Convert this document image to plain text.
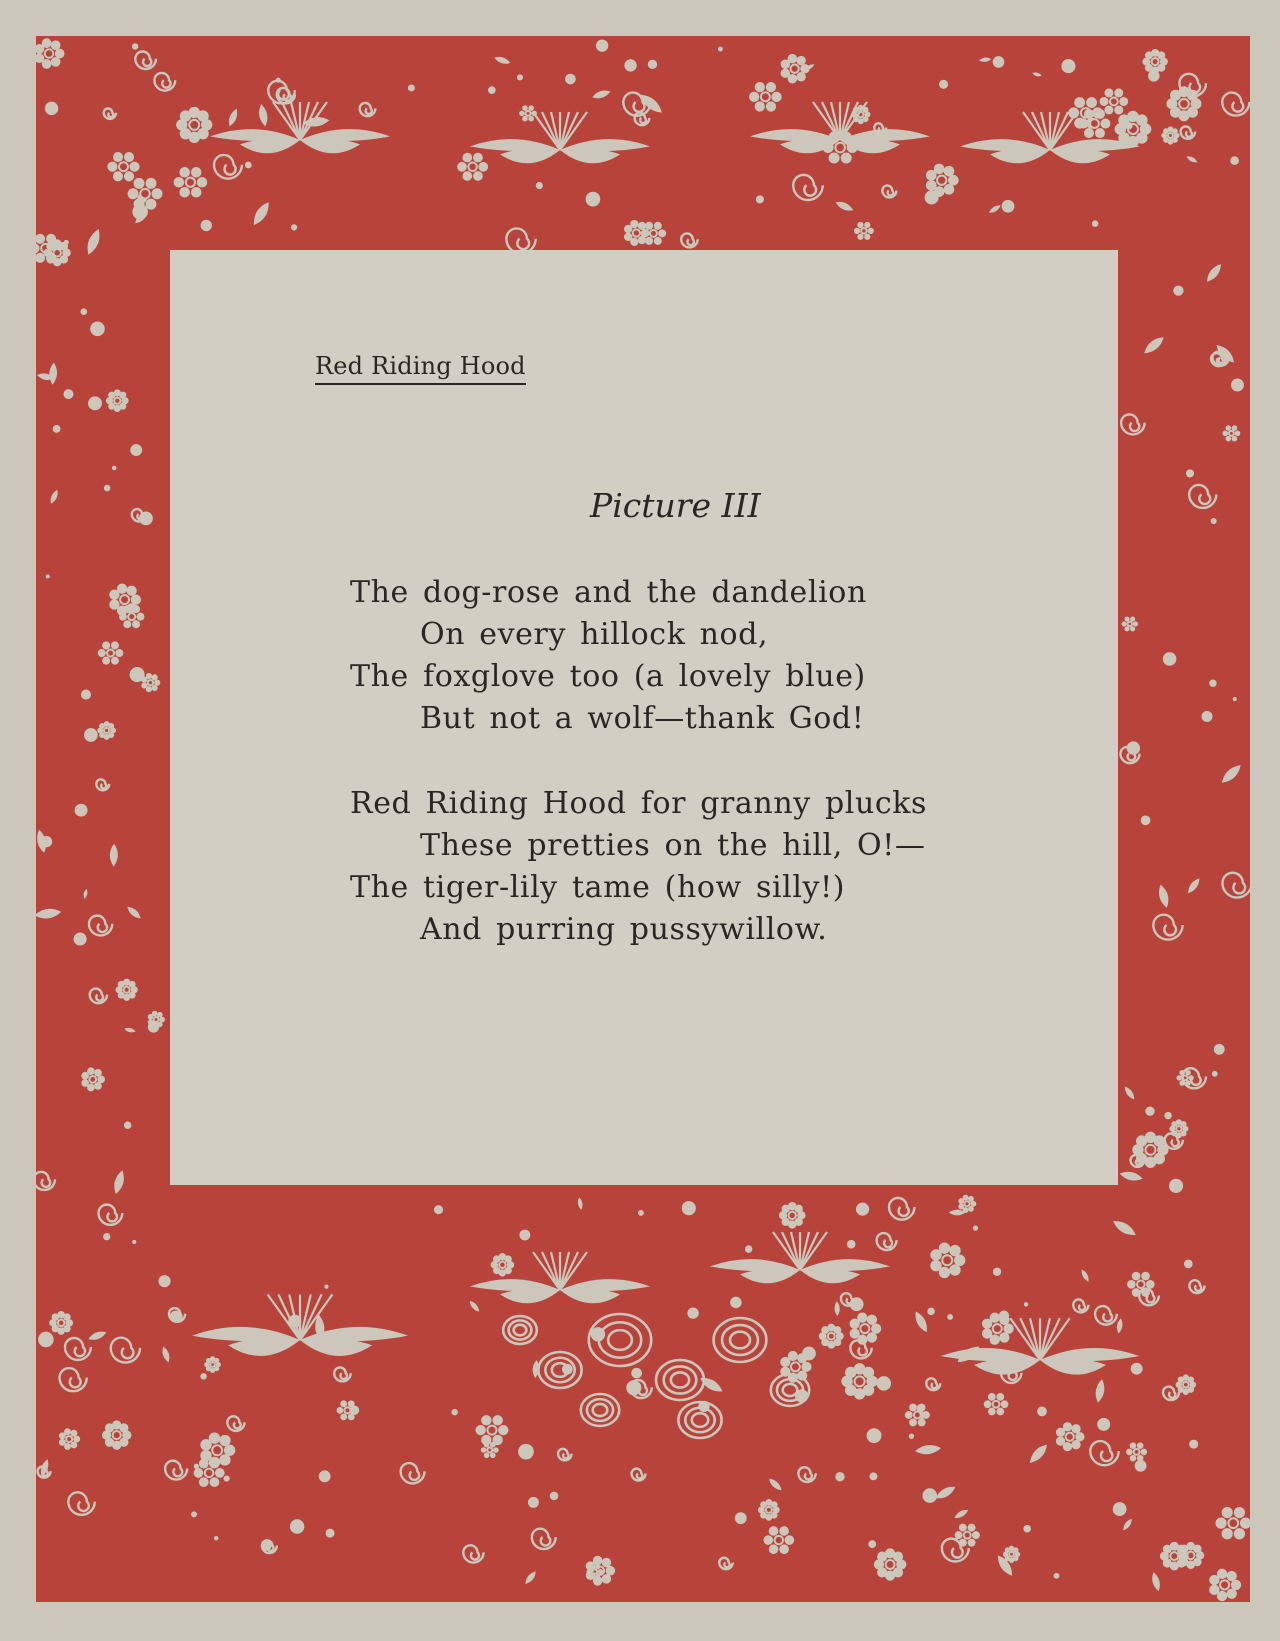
Red Riding Hood
Picture III
The dog-rose and the dandelion
On every hillock nod,
The foxglove too (a lovely blue)
But not a wolf—thank God!
Red Riding Hood for granny plucks
These pretties on the hill, O!—
The tiger-lily tame (how silly!)
And purring pussywillow.
